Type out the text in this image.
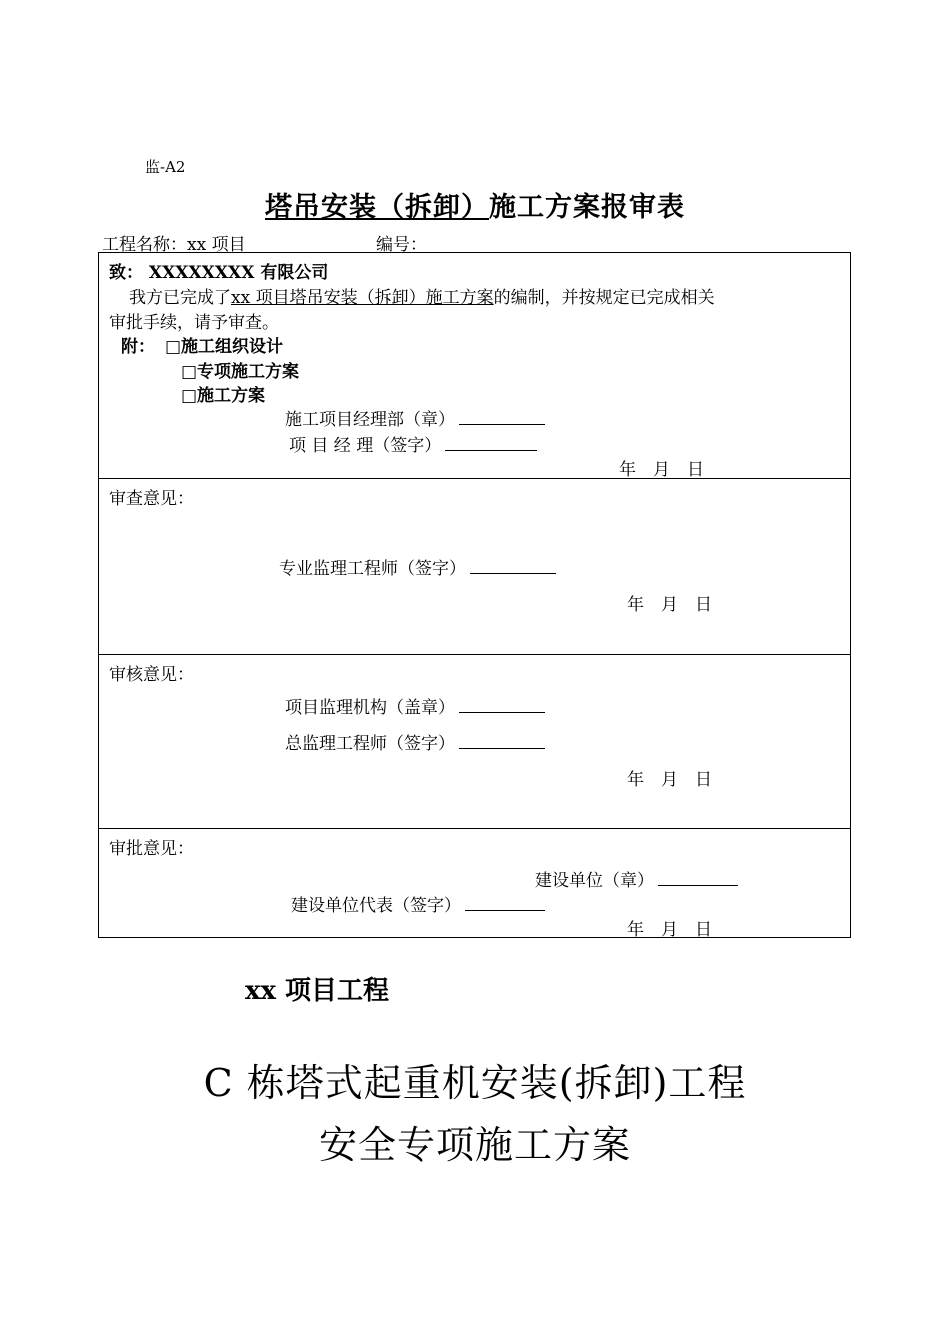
监-A2
塔吊安装（拆卸）施工方案报审表
工程名称：xx 项目	编号：
致： XXXXXXXX 有限公司
我方已完成了xx 项目塔吊安装（拆卸）施工方案的编制，并按规定已完成相关
审批手续，请予审查。
附： □施工组织设计
□专项施工方案
□施工方案
施工项目经理部（章）
项 目 经 理（签字）
年　月　日
审查意见：
专业监理工程师（签字）
年　月　日
审核意见：
项目监理机构（盖章）
总监理工程师（签字）
年　月　日
审批意见：
建设单位（章）
建设单位代表（签字）
年　月　日
xx 项目工程
C 栋塔式起重机安装(拆卸)工程
安全专项施工方案
